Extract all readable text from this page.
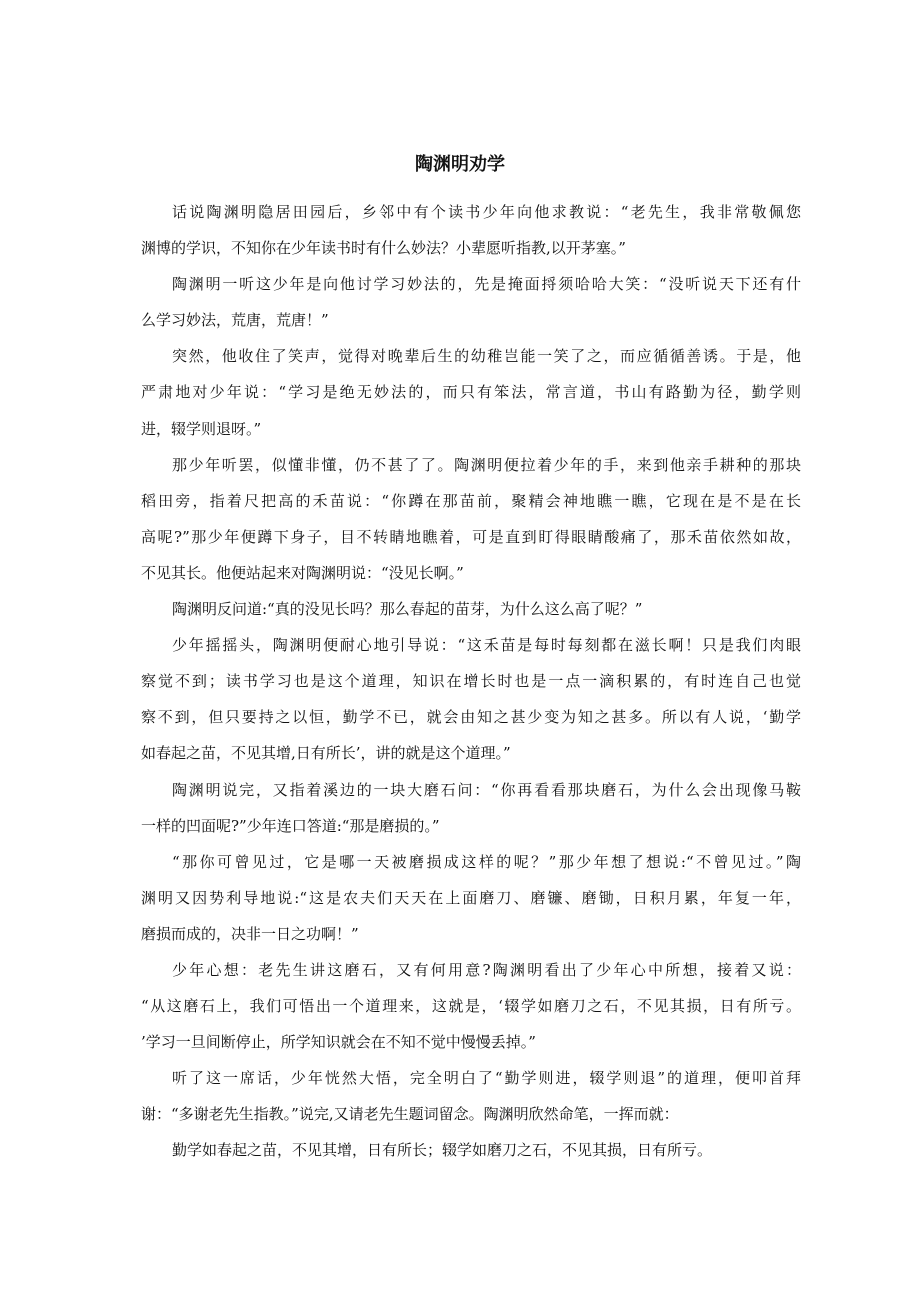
陶渊明劝学
话说陶渊明隐居田园后，乡邻中有个读书少年向他求教说：“老先生，我非常敬佩您
渊博的学识，不知你在少年读书时有什么妙法？小辈愿听指教,以开茅塞。”
陶渊明一听这少年是向他讨学习妙法的，先是掩面捋须哈哈大笑：“没听说天下还有什
么学习妙法，荒唐，荒唐！”
突然，他收住了笑声，觉得对晚辈后生的幼稚岂能一笑了之，而应循循善诱。于是，他
严肃地对少年说：“学习是绝无妙法的，而只有笨法，常言道，书山有路勤为径，勤学则
进，辍学则退呀。”
那少年听罢，似懂非懂，仍不甚了了。陶渊明便拉着少年的手，来到他亲手耕种的那块
稻田旁，指着尺把高的禾苗说：“你蹲在那苗前，聚精会神地瞧一瞧，它现在是不是在长
高呢?”那少年便蹲下身子，目不转睛地瞧着，可是直到盯得眼睛酸痛了，那禾苗依然如故，
不见其长。他便站起来对陶渊明说：“没见长啊。”
陶渊明反问道:“真的没见长吗？那么春起的苗芽，为什么这么高了呢？”
少年摇摇头，陶渊明便耐心地引导说：“这禾苗是每时每刻都在滋长啊！只是我们肉眼
察觉不到；读书学习也是这个道理，知识在增长时也是一点一滴积累的，有时连自己也觉
察不到，但只要持之以恒，勤学不已，就会由知之甚少变为知之甚多。所以有人说，‘勤学
如春起之苗，不见其增,日有所长’，讲的就是这个道理。”
陶渊明说完，又指着溪边的一块大磨石问：“你再看看那块磨石，为什么会出现像马鞍
一样的凹面呢?”少年连口答道:“那是磨损的。”
“那你可曾见过，它是哪一天被磨损成这样的呢？”那少年想了想说:“不曾见过。”陶
渊明又因势利导地说:“这是农夫们天天在上面磨刀、磨镰、磨锄，日积月累，年复一年，
磨损而成的，决非一日之功啊！”
少年心想：老先生讲这磨石，又有何用意?陶渊明看出了少年心中所想，接着又说：
“从这磨石上，我们可悟出一个道理来，这就是，‘辍学如磨刀之石，不见其损，日有所亏。
’学习一旦间断停止，所学知识就会在不知不觉中慢慢丢掉。”
听了这一席话，少年恍然大悟，完全明白了“勤学则进，辍学则退”的道理，便叩首拜
谢：“多谢老先生指教。”说完,又请老先生题词留念。陶渊明欣然命笔，一挥而就：
勤学如春起之苗，不见其增，日有所长；辍学如磨刀之石，不见其损，日有所亏。
